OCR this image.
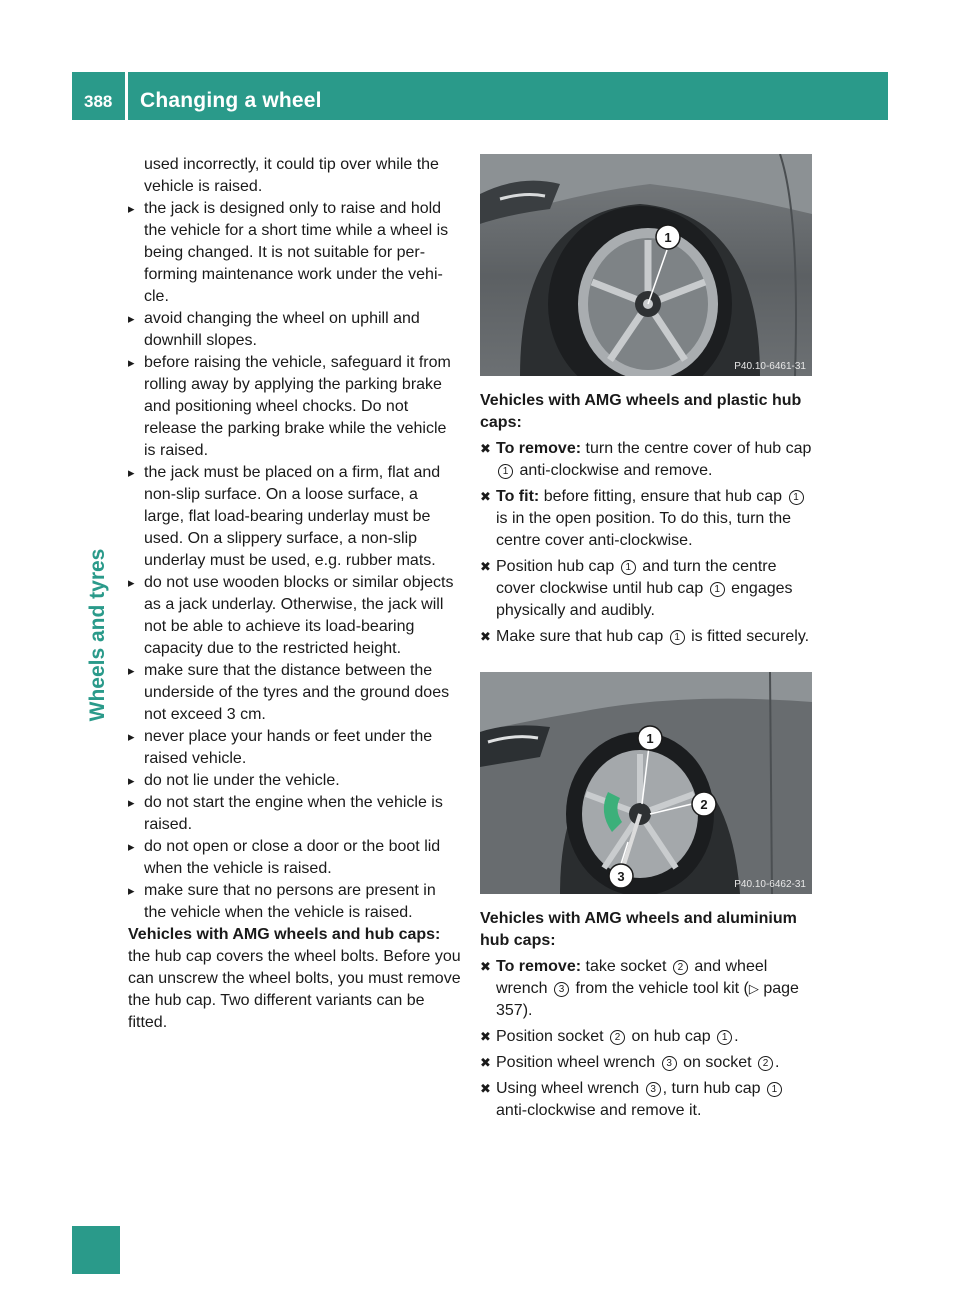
388 Changing a wheel
Wheels and tyres

used incorrectly, it could tip over while the vehicle is raised.

▸ the jack is designed only to raise and hold the vehicle for a short time while a wheel is being changed. It is not suitable for performing maintenance work under the vehicle.

▸ avoid changing the wheel on uphill and downhill slopes.

▸ before raising the vehicle, safeguard it from rolling away by applying the parking brake and positioning wheel chocks. Do not release the parking brake while the vehicle is raised.

▸ the jack must be placed on a firm, flat and non-slip surface. On a loose surface, a large, flat load-bearing underlay must be used. On a slippery surface, a non-slip underlay must be used, e.g. rubber mats.

▸ do not use wooden blocks or similar objects as a jack underlay. Otherwise, the jack will not be able to achieve its load-bearing capacity due to the restricted height.

▸ make sure that the distance between the underside of the tyres and the ground does not exceed 3 cm.

▸ never place your hands or feet under the raised vehicle.

▸ do not lie under the vehicle.

▸ do not start the engine when the vehicle is raised.

▸ do not open or close a door or the boot lid when the vehicle is raised.

▸ make sure that no persons are present in the vehicle when the vehicle is raised.

Vehicles with AMG wheels and hub caps:

the hub cap covers the wheel bolts. Before you can unscrew the wheel bolts, you must remove the hub cap. Two different variants can be fitted.

1
P40.10-6461-31

Vehicles with AMG wheels and plastic hub caps:

✖ To remove: turn the centre cover of hub cap 1 anti-clockwise and remove.

✖ To fit: before fitting, ensure that hub cap 1 is in the open position. To do this, turn the centre cover anti-clockwise.

✖ Position hub cap 1 and turn the centre cover clockwise until hub cap 1 engages physically and audibly.

✖ Make sure that hub cap 1 is fitted securely.

1
2
3
P40.10-6462-31

Vehicles with AMG wheels and aluminium hub caps:

✖ To remove: take socket 2 and wheel wrench 3 from the vehicle tool kit (▷ page 357).

✖ Position socket 2 on hub cap 1 .

✖ Position wheel wrench 3 on socket 2 .

✖ Using wheel wrench 3 , turn hub cap 1 anti-clockwise and remove it.
